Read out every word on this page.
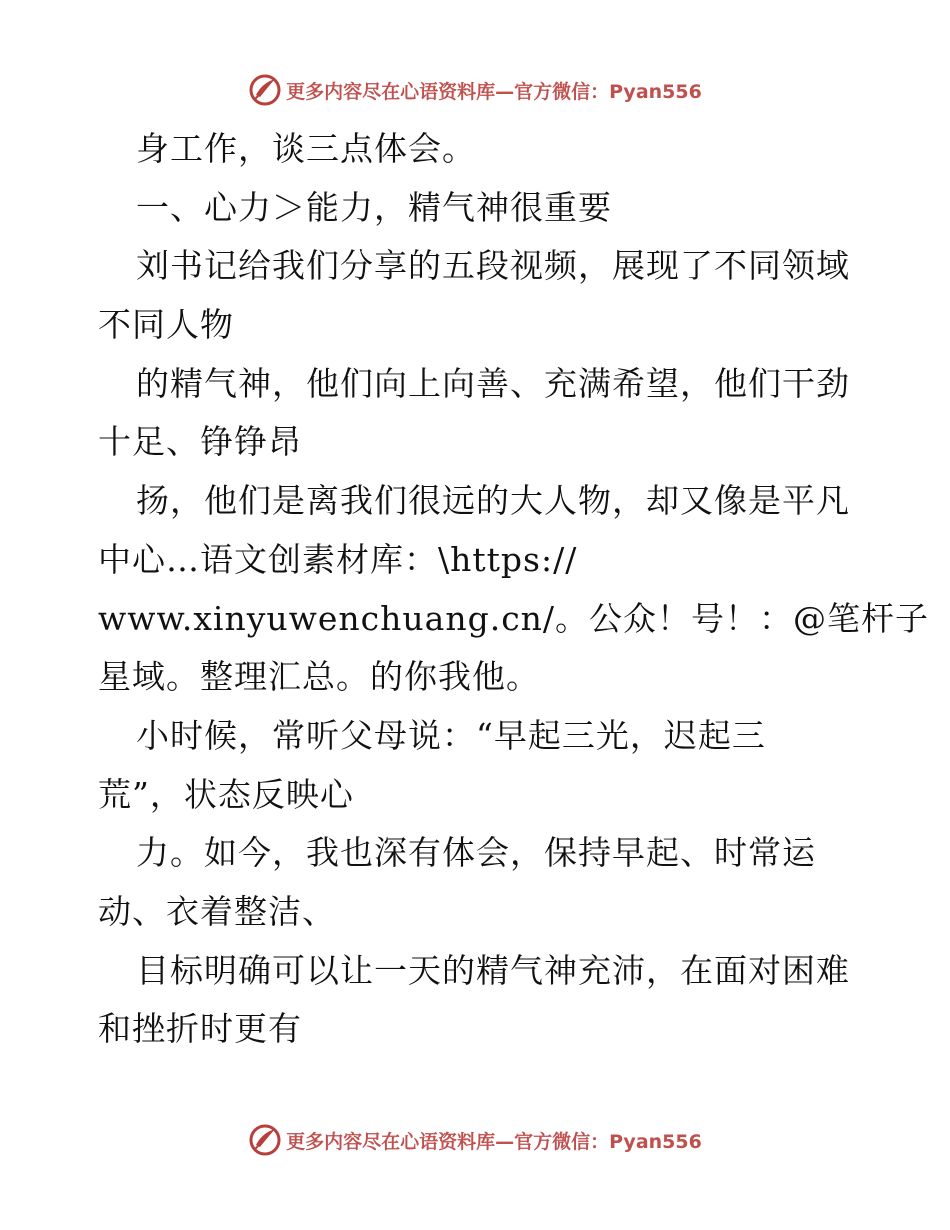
更多内容尽在心语资料库—官方微信：Pyan556
身工作，谈三点体会。
一、心力＞能力，精气神很重要
刘书记给我们分享的五段视频，展现了不同领域
不同人物
的精气神，他们向上向善、充满希望，他们干劲
十足、铮铮昂
扬，他们是离我们很远的大人物，却又像是平凡
中心…语文创素材库：\https://
www.xinyuwenchuang.cn/。公众！号！：@笔杆子
星域。整理汇总。的你我他。
小时候，常听父母说：“早起三光，迟起三
荒”，状态反映心
力。如今，我也深有体会，保持早起、时常运
动、衣着整洁、
目标明确可以让一天的精气神充沛，在面对困难
和挫折时更有
更多内容尽在心语资料库—官方微信：Pyan556
